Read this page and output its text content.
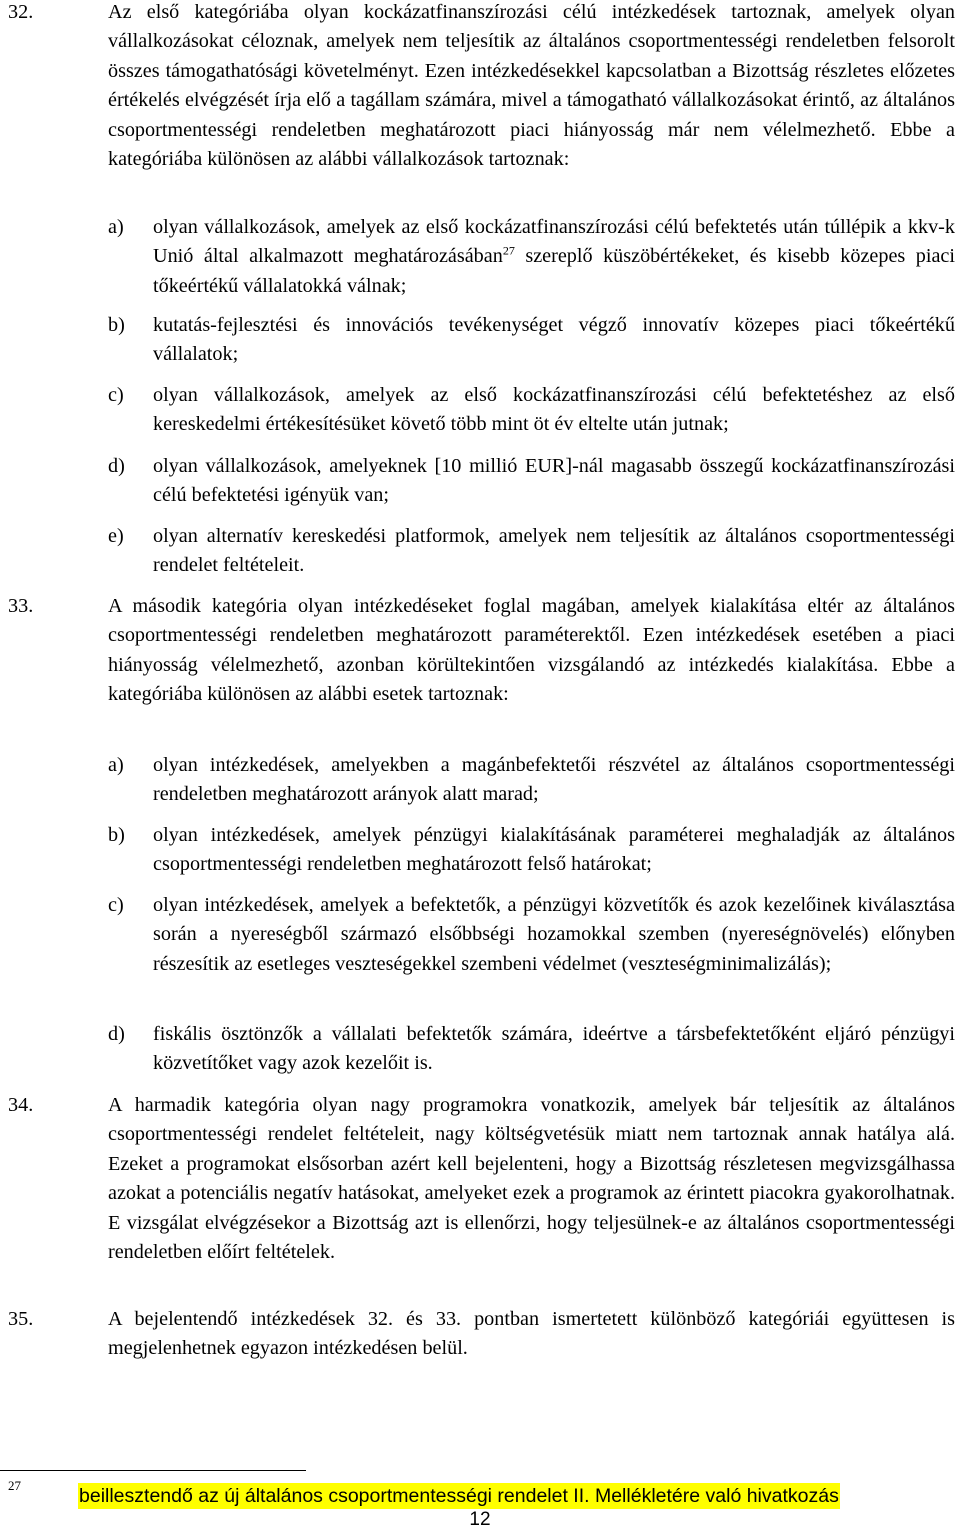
32.	Az első kategóriába olyan kockázatfinanszírozási célú intézkedések tartoznak, amelyek olyan vállalkozásokat céloznak, amelyek nem teljesítik az általános csoportmentességi rendeletben felsorolt összes támogathatósági követelményt. Ezen intézkedésekkel kapcsolatban a Bizottság részletes előzetes értékelés elvégzését írja elő a tagállam számára, mivel a támogatható vállalkozásokat érintő, az általános csoportmentességi rendeletben meghatározott piaci hiányosság már nem vélelmezhető. Ebbe a kategóriába különösen az alábbi vállalkozások tartoznak:
a) olyan vállalkozások, amelyek az első kockázatfinanszírozási célú befektetés után túllépik a kkv-k Unió által alkalmazott meghatározásában$^{27}$ szereplő küszöbértékeket, és kisebb közepes piaci tőkeértékű vállalatokká válnak;
b) kutatás-fejlesztési és innovációs tevékenységet végző innovatív közepes piaci tőkeértékű vállalatok;
c) olyan vállalkozások, amelyek az első kockázatfinanszírozási célú befektetéshez az első kereskedelmi értékesítésüket követő több mint öt év eltelte után jutnak;
d) olyan vállalkozások, amelyeknek [10 millió EUR]-nál magasabb összegű kockázatfinanszírozási célú befektetési igényük van;
e) olyan alternatív kereskedési platformok, amelyek nem teljesítik az általános csoportmentességi rendelet feltételeit.
33.	A második kategória olyan intézkedéseket foglal magában, amelyek kialakítása eltér az általános csoportmentességi rendeletben meghatározott paraméterektől. Ezen intézkedések esetében a piaci hiányosság vélelmezhető, azonban körültekintően vizsgálandó az intézkedés kialakítása. Ebbe a kategóriába különösen az alábbi esetek tartoznak:
a) olyan intézkedések, amelyekben a magánbefektetői részvétel az általános csoportmentességi rendeletben meghatározott arányok alatt marad;
b) olyan intézkedések, amelyek pénzügyi kialakításának paraméterei meghaladják az általános csoportmentességi rendeletben meghatározott felső határokat;
c) olyan intézkedések, amelyek a befektetők, a pénzügyi közvetítők és azok kezelőinek kiválasztása során a nyereségből származó elsőbbségi hozamokkal szemben (nyereségnövelés) előnyben részesítik az esetleges veszteségekkel szembeni védelmet (veszteségminimalizálás);
d) fiskális ösztönzők a vállalati befektetők számára, ideértve a társbefektetőként eljáró pénzügyi közvetítőket vagy azok kezelőit is.
34.	A harmadik kategória olyan nagy programokra vonatkozik, amelyek bár teljesítik az általános csoportmentességi rendelet feltételeit, nagy költségvetésük miatt nem tartoznak annak hatálya alá. Ezeket a programokat elsősorban azért kell bejelenteni, hogy a Bizottság részletesen megvizsgálhassa azokat a potenciális negatív hatásokat, amelyeket ezek a programok az érintett piacokra gyakorolhatnak. E vizsgálat elvégzésekor a Bizottság azt is ellenőrzi, hogy teljesülnek-e az általános csoportmentességi rendeletben előírt feltételek.
35.	A bejelentendő intézkedések 32. és 33. pontban ismertetett különböző kategóriái együttesen is megjelenhetnek egyazon intézkedésen belül.
27	beillesztendő az új általános csoportmentességi rendelet II. Mellékletére való hivatkozás
12
